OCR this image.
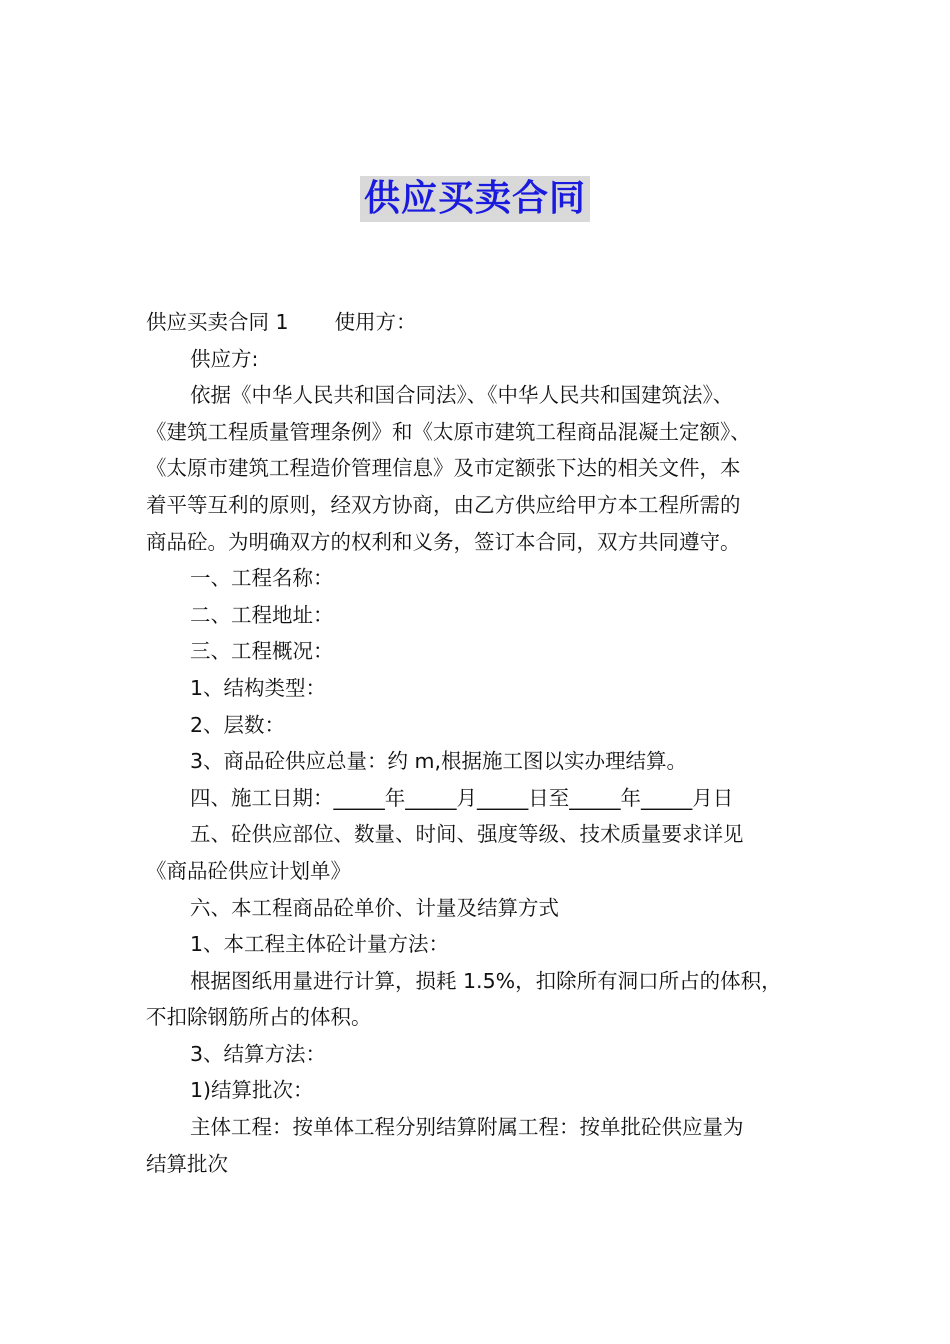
供应买卖合同
供应买卖合同 1 使用方：
供应方:
依据《中华人民共和国合同法》、《中华人民共和国建筑法》、
《建筑工程质量管理条例》和《太原市建筑工程商品混凝土定额》、
《太原市建筑工程造价管理信息》及市定额张下达的相关文件，本
着平等互利的原则，经双方协商，由乙方供应给甲方本工程所需的
商品砼。为明确双方的权利和义务，签订本合同，双方共同遵守。
一、工程名称：
二、工程地址：
三、工程概况：
1、结构类型：
2、层数：
3、商品砼供应总量：约 m,根据施工图以实办理结算。
四、施工日期：_____年_____月_____日至_____年_____月日
五、砼供应部位、数量、时间、强度等级、技术质量要求详见
《商品砼供应计划单》
六、本工程商品砼单价、计量及结算方式
1、本工程主体砼计量方法：
根据图纸用量进行计算，损耗 1.5%，扣除所有洞口所占的体积，
不扣除钢筋所占的体积。
3、结算方法：
1)结算批次：
主体工程：按单体工程分别结算附属工程：按单批砼供应量为
结算批次
